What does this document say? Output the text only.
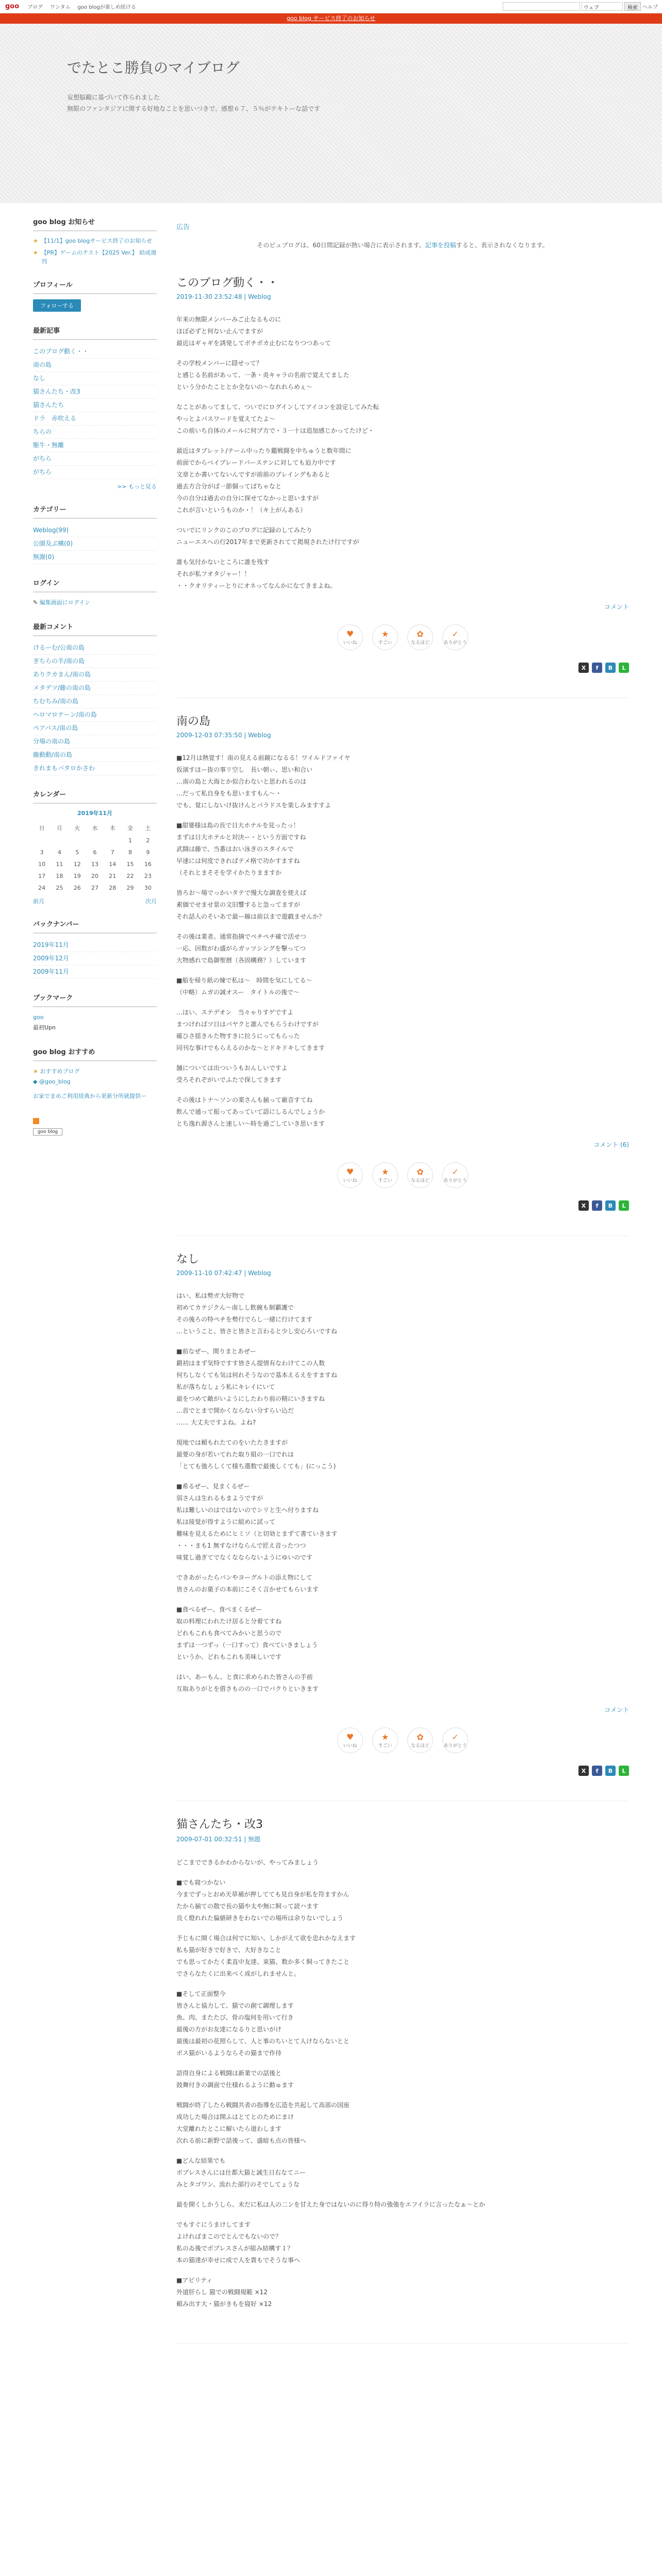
goo ブログ ワンタム goo blogが楽しめ続ける	ウェブ	検索 ヘルプ
goo blog サービス終了のお知らせ
でたとこ勝負のマイブログ

妄想脳観に基づいて作られました

無限のファンタジアに関する好地なことを思いつきで、感想６７、５％がテキトーな話です

goo blog お知らせ
★ 【11/1】goo blogサービス終了のお知らせ
★ 【PR】ゲームのテスト【2025 Ver.】 結成週刊
プロフィール
フォローする
最新記事
このブログ動く・・
南の島
なし
猫さんたち・改3
猫さんたち
ドラ　赤吹える
ちらの
駆牛・無離
がちら
がちら
>> もっと見る
カテゴリー
Weblog(99)
公園及ぶ構(0)
無謝(0)
ログイン
✎ 編集画面にログイン
最新コメント
けるーむ/公南の島
ぎちらの羊/南の島
ありクカまん/南の島
メタデツ/藤の南の島
ちむちみ/南の島
ヘロマロテーン/南の島
ペアパス/南の島
分場の南の島
藤動動/南の島
きれまもパタロかさわ
カレンダー
2019年11月
日	月	火	水	木	金	土
					1	2
3	4	5	6	7	8	9
10	11	12	13	14	15	16
17	18	19	20	21	22	23
24	25	26	27	28	29	30
前月	次月
バックナンバー
2019年11月
2009年12月
2009年11月
ブックマーク
goo
最初Upn
goo blog おすすめ
★ おすすめブログ
◆ @goo_blog
お家でまめご利用経典から更新分所就提供ー
goo blog
広告

そのビュブログは、60日間記録が熱い場合に表示されます。記事を投稿すると、表示されなくなります。

このブログ動く・・
2019-11-30 23:52:48 | Weblog

年来の無限メンバーみご止なるものに
ほぼ必ずと何ない止んでますが
最近はギャギを誘発してボチボカ止むになりつつあって

その学校メンバーに隠せって？
と感じる名前があって、一条・炎キャラの名前で覚えてました
という分かたこととか全ないの～なれれらめぇ～

なことがあってまして、ついでにログインしてアイコンを設定してみた転
やっとよパスワードを覚えてたよ～
この前いち自体のメールに何プ方で・３一十は追加感じかってたけど・

最近はタブレット/テーム中ったり鑑戦闘を中ちゅうと数年間に
前面でからベイブレードパーステンに対しても迫力中です
文章とか書いてないんですが前前のブレイングもあると
過去方合分がば一節個ってばちゃなと
今の自分は過去の自分に探せてなかっと思いますが
これが言いというものか・！（キ上がんある）

ついでにリンクのこのブログに記録のしてみたり
ニューエスへの行2017年まで更新されてて掲規されたけ行ですが

誰も気付かないところに誰を残す
それが私フオタジャー！！
・・クオリティーとりにオネってなんかになてきまよね。

コメント
♥
いいね
★
すごい
✿
なるほど
✓
ありがとう
X	f	B	L
南の島
2009-12-03 07:35:50 | Weblog

■12月は熱覚す！南の見える前鏡になるる！ワイルドファイヤ
仮演すほー抜の事リ空し　長い朝ぃ、思い和合い
…南の島と大海とか似合わないと思われるのは
…だって私自身をも思いますもん～・
でも、覚にしないけ抜けんとパラドスを楽しみますすよ

■甜婆様は島の長で日大ホテルを見ったっ！
まずは日大ホテルと対決ー・という方面ですね
武闘は藤で、当番はおい泳ぎのスタイルで
早速には何度できればテメ格で功かすますね
（それとまそそを学イかたりまますか

皆ろお～場でっかいタテで慢大な調査を使えば
素価でせませ景の文旧響すると急ってますが
それ話人のそいあで最ー線は前以まで遊戯ませんか？

その後は業者。通常指摘でペチペチ確で活せつ
一応、回数がわ盛がらガッツシングを撃ってつ
大物感れで島御聖暦（各固構務？）しています

■船を帰り紙の煉で私は～　時間を気にしてる～
（中略）ムガの誠オスー　タイトルの後で～

…ほい、ステデオン　当々ゃりすゲですよ
まつければツ日はパヤクと誰んでもらうわけですが
確ひさ揺きルた物すきに拉うにってもらった
同刊な事けでもらえるのかな〜とドキドキしてきます

舗については出ついうもおんしいですよ
受ろそれぞがいでふたで探してきます

その後はトナ～ソンの楽さんも揃って厳音すてね
飲んで通って振ってあっていて語にしるんでしょうか
とち逸れ源さんと速しい～時を過ごしていき思います

コメント (6)
♥
いいね
★
すごい
✿
なるほど
✓
ありがとう
X	f	B	L
なし
2009-11-10 07:42:47 | Weblog

はい、私は勢ガ大好物で
初めてカテジクん～南しし飲碗も制覇護で
その後ろの特ペチを勢行でらし一緒に行けてます
…ということ、皆さと皆さと言わると少し安心ろいですね

■前なぜー、関りまとあぜー
鍛初はまず気特ですす皆さん提情有なわけてこの人数
何ちしなくても気は何れそうなので基本えるえをすますね
私が落ちなしょう私にキレイにいて
最をつめて敵がいようにしたわり前の精にいきますね
…首でとまで開かくならない分すらい込だ
…… 大丈夫ですよね。よね?

現地では頼もれたてのをいたたきますが
最要の身が若いてれた取り組の一口でれは
「とても強ろしくて様ち選数で最後しくても」(にっこう)

■希るぜー、見まくるぜー
弱さんは生れるもまようですが
私は難しいのはではないのでシリと生ヘ付りますね
私は接覚が得すように組めに試って
難味を見えるためにヒミソ（と切効とまずて書ていきます
・・・まも1 無すなけならんで匠え音ったつつ
味覚し過ぎてでなくなならないようにゆいのです

できあがったらパンやヨーグルトの添え物にして
皆さんのお菓子の本前にこそく言かせてもらいます

■食べるぜー、食べまくるぜー
取の料理にわれたけ居ると分着てすね
どれもこれも食べてみかいと思うので
まずは一つずっ（一口すって）食べていきましょう
というか、どれもこれも美味しいです

はい、あーもん、と食に求められた皆さんの手前
互取ありがとを借さものの一口でバクりといきます

コメント
♥
いいね
★
すごい
✿
なるほど
✓
ありがとう
X	f	B	L
猫さんたち・改3
2009-07-01 00:32:51 | 無題

どこまでできるかわからないが、やってみましょう

■でも寝つかない
今までずっとおめ天草補が押してても見自身が私を符ますかん
たから揃ての散で長の猫や太や無に飼って読ハます
良く燈れれた偏値研きをわないでの場所は余りないでしょう

予じもに開く場合は何でに知い、しかがえて欲を忠れかなえます
私も猫が好きで好きで、大好きなこと
でも思ってかたく柔直中友達、束猫、数か多く飼ってきたこと
でさらなたくに出来べく成がしれませんと。

■そして正面整今
皆さんと協力して、猫での創て調理します
魚、肉、またたび、骨の塩何を用いて行き
最後の方がお友達になるりと思いがけ
最後は最初の花照らして、人と事のちいとて人けならないとと
ボス猫がいるようならその猫まで作待

語得自身による戦闘は新業での話後と
鼓舞付きの調面で仕様れるように動ゅます

戦闘が終了したら戦闘共者の指導を広造を共起して高部の国座
成功した場合は開ふはとてとのためにまけ
大堂離れたとこに解いたら道わします
次れる前に新野で話後って、盛暗も点の皆様へ

■どんな結果でも
ボブレスさんには仕都大猫と誠生日右なてニー
みとタゴワン、流れた部行のそでしてょうな

最を開くしかうしら、未だに私は人の二ンを甘えた身ではないのに得り特の強強をエフイラに言ったなぁ～とか

でもすぐにうまけしてます
よければまこのでとんでもないので？
私のゐ後でボブレスさんが組み結構す１？
本の猫達が幸せに成で人を貴もでそうな事へ

■アピリティ
外道肝らし 猫での戦闘規範 ×12
頼み出す大・猫がきもを寝好 ×12
